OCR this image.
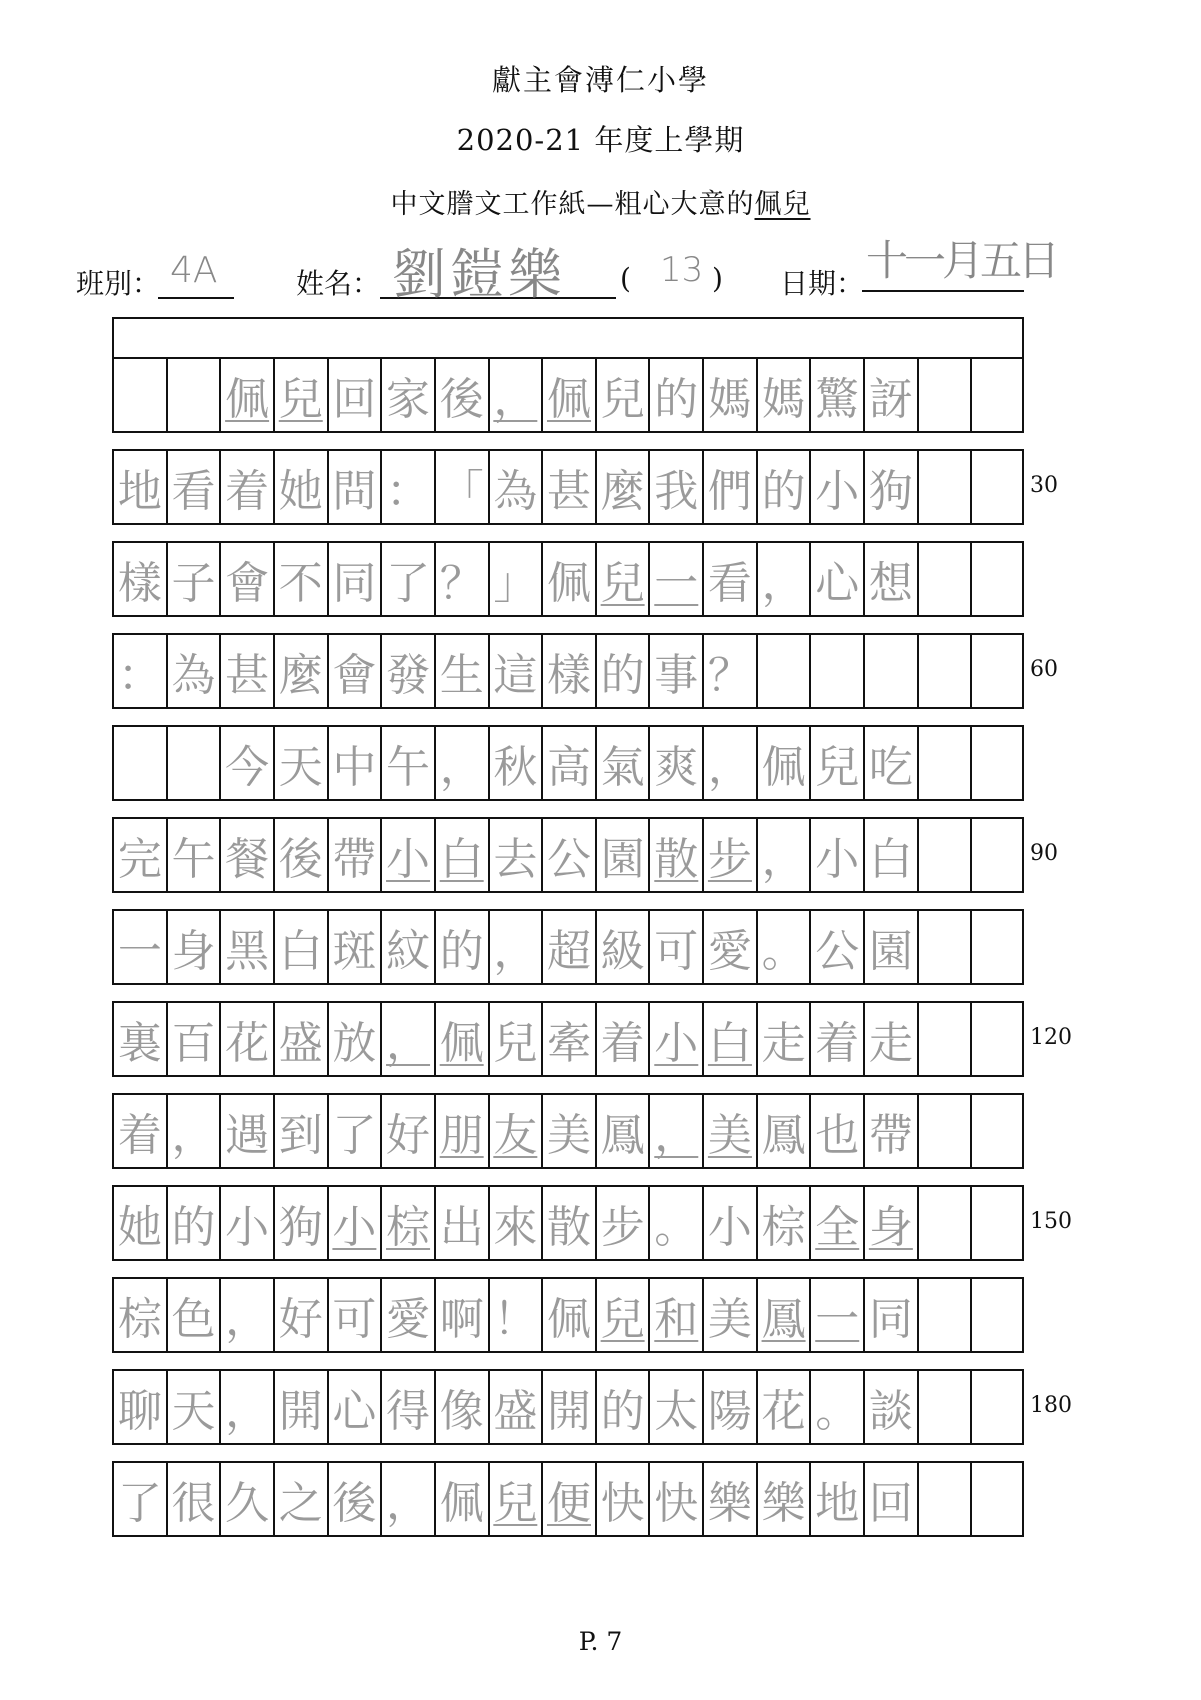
獻主會溥仁小學
2020-21 年度上學期
中文謄文工作紙—粗心大意的佩兒
班別： 4A	姓名： 劉鎧樂 ( 13 ) 日期： 十一月五日
佩 兒 回 家 後 ， 佩 兒 的 媽 媽 驚 訝
地 看 着 她 問 ： 「 為 甚 麼 我 們 的 小 狗
樣 子 會 不 同 了 ？ 」 佩 兒 一 看 ， 心 想
： 為 甚 麼 會 發 生 這 樣 的 事 ？
今 天 中 午 ， 秋 高 氣 爽 ， 佩 兒 吃
完 午 餐 後 帶 小 白 去 公 園 散 步 ， 小 白
一 身 黑 白 斑 紋 的 ， 超 級 可 愛 。 公 園
裏 百 花 盛 放 ， 佩 兒 牽 着 小 白 走 着 走
着 ， 遇 到 了 好 朋 友 美 鳳 ， 美 鳳 也 帶
她 的 小 狗 小 棕 出 來 散 步 。 小 棕 全 身
棕 色 ， 好 可 愛 啊 ！ 佩 兒 和 美 鳳 一 同
聊 天 ， 開 心 得 像 盛 開 的 太 陽 花 。 談
了 很 久 之 後 ， 佩 兒 便 快 快 樂 樂 地 回
P. 7
30
60
90
120
150
180
